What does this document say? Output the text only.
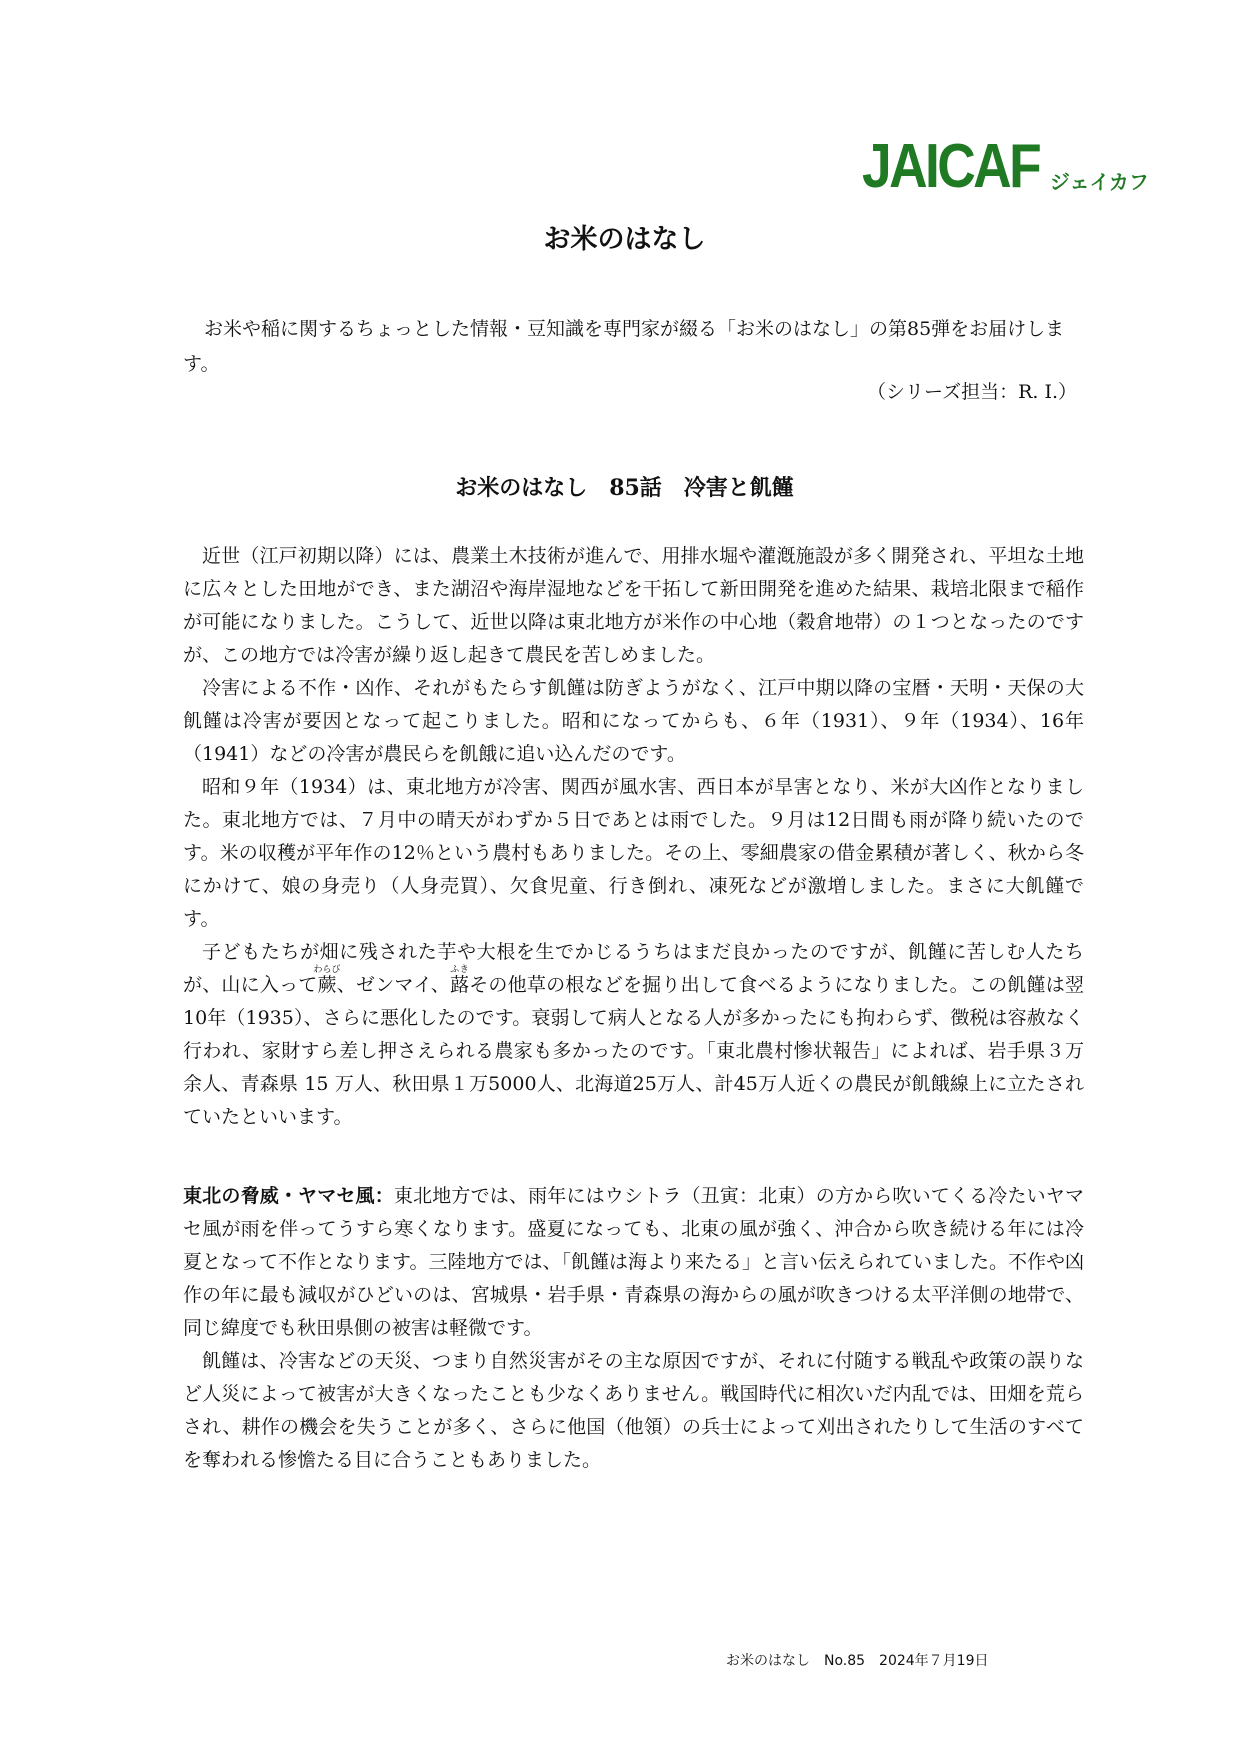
JAICAF ジェイカフ
お米のはなし

お米や稲に関するちょっとした情報・豆知識を専門家が綴る「お米のはなし」の第85弾をお届けします。

（シリーズ担当：R. I.）
お米のはなし　85話　冷害と飢饉

近世（江戸初期以降）には、農業土木技術が進んで、用排水堀や灌漑施設が多く開発され、平坦な土地に広々とした田地ができ、また湖沼や海岸湿地などを干拓して新田開発を進めた結果、栽培北限まで稲作が可能になりました。こうして、近世以降は東北地方が米作の中心地（穀倉地帯）の１つとなったのですが、この地方では冷害が繰り返し起きて農民を苦しめました。

冷害による不作・凶作、それがもたらす飢饉は防ぎようがなく、江戸中期以降の宝暦・天明・天保の大飢饉は冷害が要因となって起こりました。昭和になってからも、６年（1931）、９年（1934）、16年（1941）などの冷害が農民らを飢餓に追い込んだのです。

昭和９年（1934）は、東北地方が冷害、関西が風水害、西日本が旱害となり、米が大凶作となりました。東北地方では、７月中の晴天がわずか５日であとは雨でした。９月は12日間も雨が降り続いたのです。米の収穫が平年作の12％という農村もありました。その上、零細農家の借金累積が著しく、秋から冬にかけて、娘の身売り（人身売買）、欠食児童、行き倒れ、凍死などが激増しました。まさに大飢饉です。

子どもたちが畑に残された芋や大根を生でかじるうちはまだ良かったのですが、飢饉に苦しむ人たちが、山に入って蕨わらび、ゼンマイ、蕗ふきその他草の根などを掘り出して食べるようになりました。この飢饉は翌10年（1935）、さらに悪化したのです。衰弱して病人となる人が多かったにも拘わらず、徴税は容赦なく行われ、家財すら差し押さえられる農家も多かったのです。「東北農村惨状報告」によれば、岩手県３万余人、青森県 15 万人、秋田県１万5000人、北海道25万人、計45万人近くの農民が飢餓線上に立たされていたといいます。

東北の脅威・ヤマセ風：東北地方では、雨年にはウシトラ（丑寅：北東）の方から吹いてくる冷たいヤマセ風が雨を伴ってうすら寒くなります。盛夏になっても、北東の風が強く、沖合から吹き続ける年には冷夏となって不作となります。三陸地方では、「飢饉は海より来たる」と言い伝えられていました。不作や凶作の年に最も減収がひどいのは、宮城県・岩手県・青森県の海からの風が吹きつける太平洋側の地帯で、同じ緯度でも秋田県側の被害は軽微です。

飢饉は、冷害などの天災、つまり自然災害がその主な原因ですが、それに付随する戦乱や政策の誤りなど人災によって被害が大きくなったことも少なくありません。戦国時代に相次いだ内乱では、田畑を荒らされ、耕作の機会を失うことが多く、さらに他国（他領）の兵士によって刈出されたりして生活のすべてを奪われる惨憺たる目に合うこともありました。

お米のはなし　No.85　2024年７月19日
